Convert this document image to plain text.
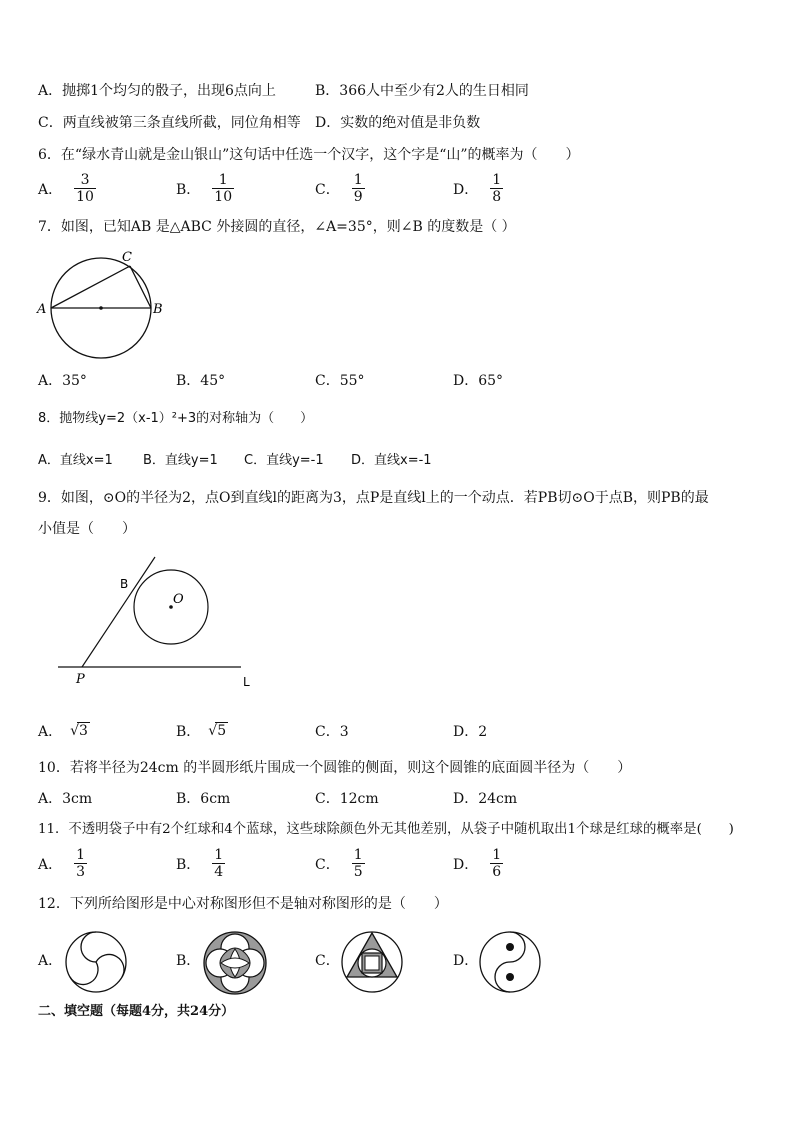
A．抛掷1个均匀的骰子，出现6点向上	B．366人中至少有2人的生日相同
C．两直线被第三条直线所截，同位角相等 D．实数的绝对值是非负数
6．在“绿水青山就是金山银山”这句话中任选一个汉字，这个字是“山”的概率为（　　）
A． $\frac{3}{10}$	B． $\frac{1}{10}$	C． $\frac{1}{9}$	D． $\frac{1}{8}$
7．如图，已知AB 是△ABC 外接圆的直径，∠A=35°，则∠B 的度数是（ ）
A	B
C
A．35°	B．45°	C．55°	D．65°
8．抛物线y=2（x-1）²+3的对称轴为（　　）
A．直线x=1 B．直线y=1 C．直线y=-1 D．直线x=-1
9．如图，⊙O的半径为2，点O到直线l的距离为3，点P是直线l上的一个动点．若PB切⊙O于点B，则PB的最
小值是（　　）
O
B
P	L
A． √3	B． √5	C．3	D．2
10．若将半径为24cm 的半圆形纸片围成一个圆锥的侧面，则这个圆锥的底面圆半径为（　　）
A．3cm	B．6cm	C．12cm	D．24cm
11．不透明袋子中有2个红球和4个蓝球，这些球除颜色外无其他差别，从袋子中随机取出1个球是红球的概率是(　　)
A． $\frac{1}{3}$	B． $\frac{1}{4}$	C． $\frac{1}{5}$	D． $\frac{1}{6}$
12．下列所给图形是中心对称图形但不是轴对称图形的是（　　）
A．	B．	C．	D．
二、填空题（每题4分，共24分）
